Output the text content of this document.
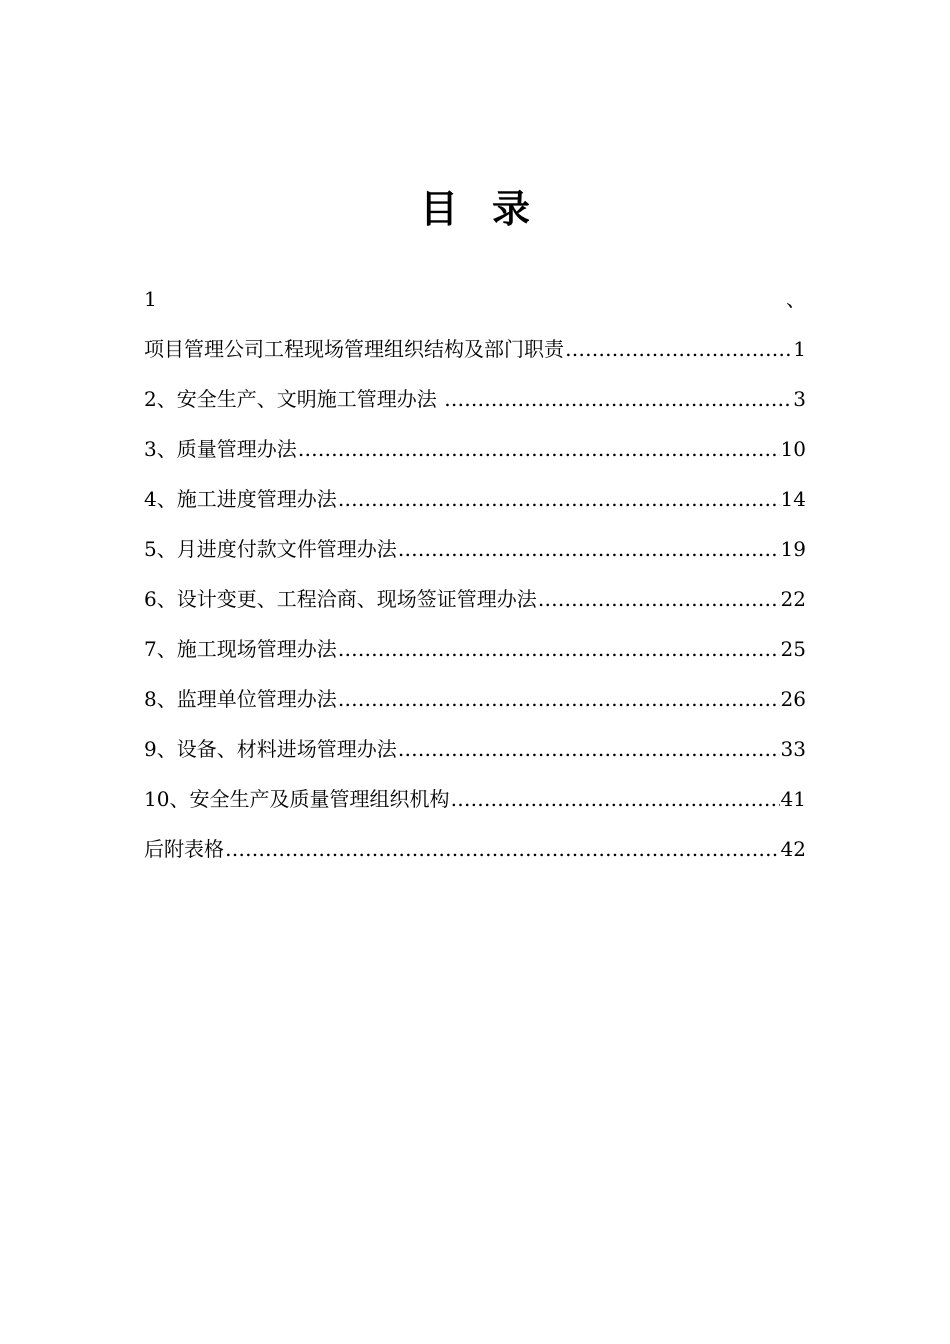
目 录
1	、
项目管理公司工程现场管理组织结构及部门职责 ……………………………………………………………………………………………………………………………………………………	1
2、安全生产、文明施工管理办法 ……………………………………………………………………………………………………………………………………………………	3
3、质量管理办法 ……………………………………………………………………………………………………………………………………………………	10
4、施工进度管理办法 ……………………………………………………………………………………………………………………………………………………	14
5、月进度付款文件管理办法 ……………………………………………………………………………………………………………………………………………………	19
6、设计变更、工程洽商、现场签证管理办法 ……………………………………………………………………………………………………………………………………………………	22
7、施工现场管理办法 ……………………………………………………………………………………………………………………………………………………	25
8、监理单位管理办法 ……………………………………………………………………………………………………………………………………………………	26
9、设备、材料进场管理办法 ……………………………………………………………………………………………………………………………………………………	33
10、安全生产及质量管理组织机构 ……………………………………………………………………………………………………………………………………………………	41
后附表格 ……………………………………………………………………………………………………………………………………………………	42
